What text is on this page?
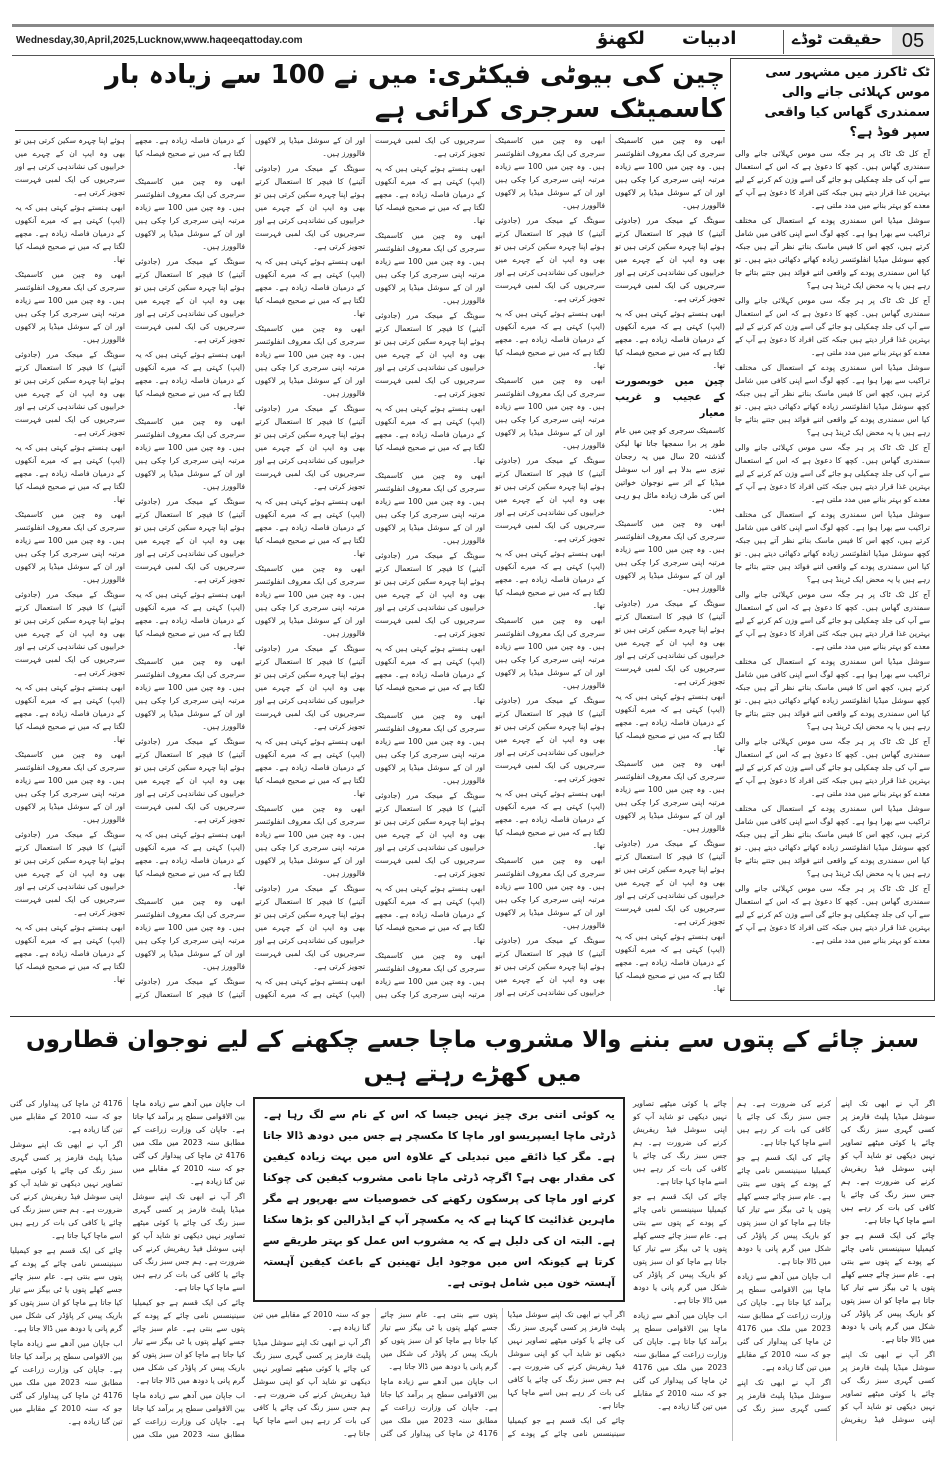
Wednesday,30,April,2025,Lucknow,www.haqeeqattoday.com	لکھنؤ ادبیات	حقیقت ٹوڈے 05
چین کی بیوٹی فیکٹری: میں نے 100 سے زیادہ بار کاسمیٹک سرجری کرائی ہے

ابھی وہ چین میں کاسمیٹک سرجری کی ایک معروف انفلوئنسر ہیں۔ وہ چین میں 100 سے زیادہ مرتبہ اپنی سرجری کرا چکی ہیں اور ان کے سوشل میڈیا پر لاکھوں فالوورز ہیں۔

سویٹگ کے میجک مرر (جادوئی آئینے) کا فیچر کا استعمال کرتے ہوئے اپنا چہرہ سکین کرتی ہیں تو بھی وہ ایپ ان کے چہرے میں خرابیوں کی نشاندہی کرتی ہے اور سرجریوں کی ایک لمبی فہرست تجویز کرتی ہے۔

ابھی ہنستے ہوئے کہتی ہیں کہ یہ (ایپ) کہتی ہے کہ میرے آنکھوں کے درمیان فاصلہ زیادہ ہے۔ مجھے لگتا ہے کہ میں نے صحیح فیصلہ کیا تھا۔

چین میں خوبصورت کے عجیب و غریب معیار

کاسمیٹک سرجری کو چین میں عام طور پر برا سمجھا جاتا تھا لیکن گذشتہ 20 سال میں یہ رجحان تیزی سے بدلا ہے اور اب سوشل میڈیا کے اثر سے نوجوان خواتین اس کی طرف زیادہ مائل ہو رہی ہیں۔

ابھی وہ چین میں کاسمیٹک سرجری کی ایک معروف انفلوئنسر ہیں۔ وہ چین میں 100 سے زیادہ مرتبہ اپنی سرجری کرا چکی ہیں اور ان کے سوشل میڈیا پر لاکھوں فالوورز ہیں۔

سویٹگ کے میجک مرر (جادوئی آئینے) کا فیچر کا استعمال کرتے ہوئے اپنا چہرہ سکین کرتی ہیں تو بھی وہ ایپ ان کے چہرے میں خرابیوں کی نشاندہی کرتی ہے اور سرجریوں کی ایک لمبی فہرست تجویز کرتی ہے۔

ابھی ہنستے ہوئے کہتی ہیں کہ یہ (ایپ) کہتی ہے کہ میرے آنکھوں کے درمیان فاصلہ زیادہ ہے۔ مجھے لگتا ہے کہ میں نے صحیح فیصلہ کیا تھا۔

ابھی وہ چین میں کاسمیٹک سرجری کی ایک معروف انفلوئنسر ہیں۔ وہ چین میں 100 سے زیادہ مرتبہ اپنی سرجری کرا چکی ہیں اور ان کے سوشل میڈیا پر لاکھوں فالوورز ہیں۔

سویٹگ کے میجک مرر (جادوئی آئینے) کا فیچر کا استعمال کرتے ہوئے اپنا چہرہ سکین کرتی ہیں تو بھی وہ ایپ ان کے چہرے میں خرابیوں کی نشاندہی کرتی ہے اور سرجریوں کی ایک لمبی فہرست تجویز کرتی ہے۔

ابھی ہنستے ہوئے کہتی ہیں کہ یہ (ایپ) کہتی ہے کہ میرے آنکھوں کے درمیان فاصلہ زیادہ ہے۔ مجھے لگتا ہے کہ میں نے صحیح فیصلہ کیا تھا۔

ابھی وہ چین میں کاسمیٹک سرجری کی ایک معروف انفلوئنسر ہیں۔ وہ چین میں 100 سے زیادہ مرتبہ اپنی سرجری کرا چکی ہیں اور ان کے سوشل میڈیا پر لاکھوں فالوورز ہیں۔

سویٹگ کے میجک مرر (جادوئی آئینے) کا فیچر کا استعمال کرتے ہوئے اپنا چہرہ سکین کرتی ہیں تو بھی وہ ایپ ان کے چہرے میں خرابیوں کی نشاندہی کرتی ہے اور سرجریوں کی ایک لمبی فہرست تجویز کرتی ہے۔

ابھی ہنستے ہوئے کہتی ہیں کہ یہ (ایپ) کہتی ہے کہ میرے آنکھوں کے درمیان فاصلہ زیادہ ہے۔ مجھے لگتا ہے کہ میں نے صحیح فیصلہ کیا تھا۔

ابھی وہ چین میں کاسمیٹک سرجری کی ایک معروف انفلوئنسر ہیں۔ وہ چین میں 100 سے زیادہ مرتبہ اپنی سرجری کرا چکی ہیں اور ان کے سوشل میڈیا پر لاکھوں فالوورز ہیں۔

سویٹگ کے میجک مرر (جادوئی آئینے) کا فیچر کا استعمال کرتے ہوئے اپنا چہرہ سکین کرتی ہیں تو بھی وہ ایپ ان کے چہرے میں خرابیوں کی نشاندہی کرتی ہے اور سرجریوں کی ایک لمبی فہرست تجویز کرتی ہے۔

ابھی ہنستے ہوئے کہتی ہیں کہ یہ (ایپ) کہتی ہے کہ میرے آنکھوں کے درمیان فاصلہ زیادہ ہے۔ مجھے لگتا ہے کہ میں نے صحیح فیصلہ کیا تھا۔

ابھی وہ چین میں کاسمیٹک سرجری کی ایک معروف انفلوئنسر ہیں۔ وہ چین میں 100 سے زیادہ مرتبہ اپنی سرجری کرا چکی ہیں اور ان کے سوشل میڈیا پر لاکھوں فالوورز ہیں۔

سویٹگ کے میجک مرر (جادوئی آئینے) کا فیچر کا استعمال کرتے ہوئے اپنا چہرہ سکین کرتی ہیں تو بھی وہ ایپ ان کے چہرے میں خرابیوں کی نشاندہی کرتی ہے اور سرجریوں کی ایک لمبی فہرست تجویز کرتی ہے۔

ابھی ہنستے ہوئے کہتی ہیں کہ یہ (ایپ) کہتی ہے کہ میرے آنکھوں کے درمیان فاصلہ زیادہ ہے۔ مجھے لگتا ہے کہ میں نے صحیح فیصلہ کیا تھا۔

ابھی وہ چین میں کاسمیٹک سرجری کی ایک معروف انفلوئنسر ہیں۔ وہ چین میں 100 سے زیادہ مرتبہ اپنی سرجری کرا چکی ہیں اور ان کے سوشل میڈیا پر لاکھوں فالوورز ہیں۔

سویٹگ کے میجک مرر (جادوئی آئینے) کا فیچر کا استعمال کرتے ہوئے اپنا چہرہ سکین کرتی ہیں تو بھی وہ ایپ ان کے چہرے میں خرابیوں کی نشاندہی کرتی ہے اور سرجریوں کی ایک لمبی فہرست تجویز کرتی ہے۔

ابھی ہنستے ہوئے کہتی ہیں کہ یہ (ایپ) کہتی ہے کہ میرے آنکھوں کے درمیان فاصلہ زیادہ ہے۔ مجھے لگتا ہے کہ میں نے صحیح فیصلہ کیا تھا۔

ابھی وہ چین میں کاسمیٹک سرجری کی ایک معروف انفلوئنسر ہیں۔ وہ چین میں 100 سے زیادہ مرتبہ اپنی سرجری کرا چکی ہیں اور ان کے سوشل میڈیا پر لاکھوں فالوورز ہیں۔

سویٹگ کے میجک مرر (جادوئی آئینے) کا فیچر کا استعمال کرتے ہوئے اپنا چہرہ سکین کرتی ہیں تو بھی وہ ایپ ان کے چہرے میں خرابیوں کی نشاندہی کرتی ہے اور سرجریوں کی ایک لمبی فہرست تجویز کرتی ہے۔

ابھی ہنستے ہوئے کہتی ہیں کہ یہ (ایپ) کہتی ہے کہ میرے آنکھوں کے درمیان فاصلہ زیادہ ہے۔ مجھے لگتا ہے کہ میں نے صحیح فیصلہ کیا تھا۔

ابھی وہ چین میں کاسمیٹک سرجری کی ایک معروف انفلوئنسر ہیں۔ وہ چین میں 100 سے زیادہ مرتبہ اپنی سرجری کرا چکی ہیں اور ان کے سوشل میڈیا پر لاکھوں فالوورز ہیں۔

سویٹگ کے میجک مرر (جادوئی آئینے) کا فیچر کا استعمال کرتے ہوئے اپنا چہرہ سکین کرتی ہیں تو بھی وہ ایپ ان کے چہرے میں خرابیوں کی نشاندہی کرتی ہے اور سرجریوں کی ایک لمبی فہرست تجویز کرتی ہے۔

ابھی ہنستے ہوئے کہتی ہیں کہ یہ (ایپ) کہتی ہے کہ میرے آنکھوں کے درمیان فاصلہ زیادہ ہے۔ مجھے لگتا ہے کہ میں نے صحیح فیصلہ کیا تھا۔

ابھی وہ چین میں کاسمیٹک سرجری کی ایک معروف انفلوئنسر ہیں۔ وہ چین میں 100 سے زیادہ مرتبہ اپنی سرجری کرا چکی ہیں اور ان کے سوشل میڈیا پر لاکھوں فالوورز ہیں۔

سویٹگ کے میجک مرر (جادوئی آئینے) کا فیچر کا استعمال کرتے ہوئے اپنا چہرہ سکین کرتی ہیں تو بھی وہ ایپ ان کے چہرے میں خرابیوں کی نشاندہی کرتی ہے اور سرجریوں کی ایک لمبی فہرست تجویز کرتی ہے۔

ابھی ہنستے ہوئے کہتی ہیں کہ یہ (ایپ) کہتی ہے کہ میرے آنکھوں کے درمیان فاصلہ زیادہ ہے۔ مجھے لگتا ہے کہ میں نے صحیح فیصلہ کیا تھا۔

ابھی وہ چین میں کاسمیٹک سرجری کی ایک معروف انفلوئنسر ہیں۔ وہ چین میں 100 سے زیادہ مرتبہ اپنی سرجری کرا چکی ہیں اور ان کے سوشل میڈیا پر لاکھوں فالوورز ہیں۔

سویٹگ کے میجک مرر (جادوئی آئینے) کا فیچر کا استعمال کرتے ہوئے اپنا چہرہ سکین کرتی ہیں تو بھی وہ ایپ ان کے چہرے میں خرابیوں کی نشاندہی کرتی ہے اور سرجریوں کی ایک لمبی فہرست تجویز کرتی ہے۔

ابھی ہنستے ہوئے کہتی ہیں کہ یہ (ایپ) کہتی ہے کہ میرے آنکھوں کے درمیان فاصلہ زیادہ ہے۔ مجھے لگتا ہے کہ میں نے صحیح فیصلہ کیا تھا۔

ابھی وہ چین میں کاسمیٹک سرجری کی ایک معروف انفلوئنسر ہیں۔ وہ چین میں 100 سے زیادہ مرتبہ اپنی سرجری کرا چکی ہیں اور ان کے سوشل میڈیا پر لاکھوں فالوورز ہیں۔

سویٹگ کے میجک مرر (جادوئی آئینے) کا فیچر کا استعمال کرتے ہوئے اپنا چہرہ سکین کرتی ہیں تو بھی وہ ایپ ان کے چہرے میں خرابیوں کی نشاندہی کرتی ہے اور سرجریوں کی ایک لمبی فہرست تجویز کرتی ہے۔

ابھی ہنستے ہوئے کہتی ہیں کہ یہ (ایپ) کہتی ہے کہ میرے آنکھوں کے درمیان فاصلہ زیادہ ہے۔ مجھے لگتا ہے کہ میں نے صحیح فیصلہ کیا تھا۔

ابھی وہ چین میں کاسمیٹک سرجری کی ایک معروف انفلوئنسر ہیں۔ وہ چین میں 100 سے زیادہ مرتبہ اپنی سرجری کرا چکی ہیں اور ان کے سوشل میڈیا پر لاکھوں فالوورز ہیں۔

سویٹگ کے میجک مرر (جادوئی آئینے) کا فیچر کا استعمال کرتے ہوئے اپنا چہرہ سکین کرتی ہیں تو بھی وہ ایپ ان کے چہرے میں خرابیوں کی نشاندہی کرتی ہے اور سرجریوں کی ایک لمبی فہرست تجویز کرتی ہے۔

ابھی ہنستے ہوئے کہتی ہیں کہ یہ (ایپ) کہتی ہے کہ میرے آنکھوں کے درمیان فاصلہ زیادہ ہے۔ مجھے لگتا ہے کہ میں نے صحیح فیصلہ کیا تھا۔

ابھی وہ چین میں کاسمیٹک سرجری کی ایک معروف انفلوئنسر ہیں۔ وہ چین میں 100 سے زیادہ مرتبہ اپنی سرجری کرا چکی ہیں اور ان کے سوشل میڈیا پر لاکھوں فالوورز ہیں۔

سویٹگ کے میجک مرر (جادوئی آئینے) کا فیچر کا استعمال کرتے ہوئے اپنا چہرہ سکین کرتی ہیں تو بھی وہ ایپ ان کے چہرے میں خرابیوں کی نشاندہی کرتی ہے اور سرجریوں کی ایک لمبی فہرست تجویز کرتی ہے۔

ابھی ہنستے ہوئے کہتی ہیں کہ یہ (ایپ) کہتی ہے کہ میرے آنکھوں کے درمیان فاصلہ زیادہ ہے۔ مجھے لگتا ہے کہ میں نے صحیح فیصلہ کیا تھا۔

ابھی وہ چین میں کاسمیٹک سرجری کی ایک معروف انفلوئنسر ہیں۔ وہ چین میں 100 سے زیادہ مرتبہ اپنی سرجری کرا چکی ہیں اور ان کے سوشل میڈیا پر لاکھوں فالوورز ہیں۔

سویٹگ کے میجک مرر (جادوئی آئینے) کا فیچر کا استعمال کرتے ہوئے اپنا چہرہ سکین کرتی ہیں تو بھی وہ ایپ ان کے چہرے میں خرابیوں کی نشاندہی کرتی ہے اور سرجریوں کی ایک لمبی فہرست تجویز کرتی ہے۔

ابھی ہنستے ہوئے کہتی ہیں کہ یہ (ایپ) کہتی ہے کہ میرے آنکھوں کے درمیان فاصلہ زیادہ ہے۔ مجھے لگتا ہے کہ میں نے صحیح فیصلہ کیا تھا۔

ابھی وہ چین میں کاسمیٹک سرجری کی ایک معروف انفلوئنسر ہیں۔ وہ چین میں 100 سے زیادہ مرتبہ اپنی سرجری کرا چکی ہیں اور ان کے سوشل میڈیا پر لاکھوں فالوورز ہیں۔

سویٹگ کے میجک مرر (جادوئی آئینے) کا فیچر کا استعمال کرتے ہوئے اپنا چہرہ سکین کرتی ہیں تو بھی وہ ایپ ان کے چہرے میں خرابیوں کی نشاندہی کرتی ہے اور سرجریوں کی ایک لمبی فہرست تجویز کرتی ہے۔

ابھی ہنستے ہوئے کہتی ہیں کہ یہ (ایپ) کہتی ہے کہ میرے آنکھوں کے درمیان فاصلہ زیادہ ہے۔ مجھے لگتا ہے کہ میں نے صحیح فیصلہ کیا تھا۔

ابھی وہ چین میں کاسمیٹک سرجری کی ایک معروف انفلوئنسر ہیں۔ وہ چین میں 100 سے زیادہ مرتبہ اپنی سرجری کرا چکی ہیں اور ان کے سوشل میڈیا پر لاکھوں فالوورز ہیں۔

سویٹگ کے میجک مرر (جادوئی آئینے) کا فیچر کا استعمال کرتے ہوئے اپنا چہرہ سکین کرتی ہیں تو بھی وہ ایپ ان کے چہرے میں خرابیوں کی نشاندہی کرتی ہے اور سرجریوں کی ایک لمبی فہرست تجویز کرتی ہے۔

ابھی ہنستے ہوئے کہتی ہیں کہ یہ (ایپ) کہتی ہے کہ میرے آنکھوں کے درمیان فاصلہ زیادہ ہے۔ مجھے لگتا ہے کہ میں نے صحیح فیصلہ کیا تھا۔

ابھی وہ چین میں کاسمیٹک سرجری کی ایک معروف انفلوئنسر ہیں۔ وہ چین میں 100 سے زیادہ مرتبہ اپنی سرجری کرا چکی ہیں اور ان کے سوشل میڈیا پر لاکھوں فالوورز ہیں۔

سویٹگ کے میجک مرر (جادوئی آئینے) کا فیچر کا استعمال کرتے ہوئے اپنا چہرہ سکین کرتی ہیں تو بھی وہ ایپ ان کے چہرے میں خرابیوں کی نشاندہی کرتی ہے اور سرجریوں کی ایک لمبی فہرست تجویز کرتی ہے۔

ابھی ہنستے ہوئے کہتی ہیں کہ یہ (ایپ) کہتی ہے کہ میرے آنکھوں کے درمیان فاصلہ زیادہ ہے۔ مجھے لگتا ہے کہ میں نے صحیح فیصلہ کیا تھا۔

ابھی وہ چین میں کاسمیٹک سرجری کی ایک معروف انفلوئنسر ہیں۔ وہ چین میں 100 سے زیادہ مرتبہ اپنی سرجری کرا چکی ہیں اور ان کے سوشل میڈیا پر لاکھوں فالوورز ہیں۔

سویٹگ کے میجک مرر (جادوئی آئینے) کا فیچر کا استعمال کرتے ہوئے اپنا چہرہ سکین کرتی ہیں تو بھی وہ ایپ ان کے چہرے میں خرابیوں کی نشاندہی کرتی ہے اور سرجریوں کی ایک لمبی فہرست تجویز کرتی ہے۔

ابھی ہنستے ہوئے کہتی ہیں کہ یہ (ایپ) کہتی ہے کہ میرے آنکھوں کے درمیان فاصلہ زیادہ ہے۔ مجھے لگتا ہے کہ میں نے صحیح فیصلہ کیا تھا۔

ابھی وہ چین میں کاسمیٹک سرجری کی ایک معروف انفلوئنسر ہیں۔ وہ چین میں 100 سے زیادہ مرتبہ اپنی سرجری کرا چکی ہیں اور ان کے سوشل میڈیا پر لاکھوں فالوورز ہیں۔

سویٹگ کے میجک مرر (جادوئی آئینے) کا فیچر کا استعمال کرتے ہوئے اپنا چہرہ سکین کرتی ہیں تو بھی وہ ایپ ان کے چہرے میں خرابیوں کی نشاندہی کرتی ہے اور سرجریوں کی ایک لمبی فہرست تجویز کرتی ہے۔

ابھی ہنستے ہوئے کہتی ہیں کہ یہ (ایپ) کہتی ہے کہ میرے آنکھوں کے درمیان فاصلہ زیادہ ہے۔ مجھے لگتا ہے کہ میں نے صحیح فیصلہ کیا تھا۔

ابھی وہ چین میں کاسمیٹک سرجری کی ایک معروف انفلوئنسر ہیں۔ وہ چین میں 100 سے زیادہ مرتبہ اپنی سرجری کرا چکی ہیں اور ان کے سوشل میڈیا پر لاکھوں فالوورز ہیں۔

سویٹگ کے میجک مرر (جادوئی آئینے) کا فیچر کا استعمال کرتے ہوئے اپنا چہرہ سکین کرتی ہیں تو بھی وہ ایپ ان کے چہرے میں خرابیوں کی نشاندہی کرتی ہے اور سرجریوں کی ایک لمبی فہرست تجویز کرتی ہے۔

ابھی ہنستے ہوئے کہتی ہیں کہ یہ (ایپ) کہتی ہے کہ میرے آنکھوں کے درمیان فاصلہ زیادہ ہے۔ مجھے لگتا ہے کہ میں نے صحیح فیصلہ کیا تھا۔

ٹک ٹاکرز میں مشہور سی موس کہلائی جانے والی سمندری گھاس کیا واقعی سپر فوڈ ہے؟

آج کل ٹک ٹاک پر ہر جگہ سی موس کہلائی جانے والی سمندری گھاس ہیں۔ کچھ کا دعویٰ ہے کہ اس کے استعمال سے آپ کی جلد چمکیلی ہو جائے گی اسے وزن کم کرنے کے لیے بہترین غذا قرار دیتے ہیں جبکہ کئی افراد کا دعویٰ ہے آپ کے معدے کو بہتر بنانے میں مدد ملتی ہے۔

سوشل میڈیا اس سمندری پودے کے استعمال کی مختلف تراکیب سے بھرا ہوا ہے۔ کچھ لوگ اسے اپنی کافی میں شامل کرتے ہیں، کچھ اس کا فیس ماسک بناتے نظر آتے ہیں جبکہ کچھ سوشل میڈیا انفلوئنسر زیادہ کھاتے دکھائی دیتے ہیں۔ تو کیا اس سمندری پودے کے واقعی اتنے فوائد ہیں جتنے بتائے جا رہے ہیں یا یہ محض ایک ٹرینڈ ہی ہے؟

آج کل ٹک ٹاک پر ہر جگہ سی موس کہلائی جانے والی سمندری گھاس ہیں۔ کچھ کا دعویٰ ہے کہ اس کے استعمال سے آپ کی جلد چمکیلی ہو جائے گی اسے وزن کم کرنے کے لیے بہترین غذا قرار دیتے ہیں جبکہ کئی افراد کا دعویٰ ہے آپ کے معدے کو بہتر بنانے میں مدد ملتی ہے۔

سوشل میڈیا اس سمندری پودے کے استعمال کی مختلف تراکیب سے بھرا ہوا ہے۔ کچھ لوگ اسے اپنی کافی میں شامل کرتے ہیں، کچھ اس کا فیس ماسک بناتے نظر آتے ہیں جبکہ کچھ سوشل میڈیا انفلوئنسر زیادہ کھاتے دکھائی دیتے ہیں۔ تو کیا اس سمندری پودے کے واقعی اتنے فوائد ہیں جتنے بتائے جا رہے ہیں یا یہ محض ایک ٹرینڈ ہی ہے؟

آج کل ٹک ٹاک پر ہر جگہ سی موس کہلائی جانے والی سمندری گھاس ہیں۔ کچھ کا دعویٰ ہے کہ اس کے استعمال سے آپ کی جلد چمکیلی ہو جائے گی اسے وزن کم کرنے کے لیے بہترین غذا قرار دیتے ہیں جبکہ کئی افراد کا دعویٰ ہے آپ کے معدے کو بہتر بنانے میں مدد ملتی ہے۔

سوشل میڈیا اس سمندری پودے کے استعمال کی مختلف تراکیب سے بھرا ہوا ہے۔ کچھ لوگ اسے اپنی کافی میں شامل کرتے ہیں، کچھ اس کا فیس ماسک بناتے نظر آتے ہیں جبکہ کچھ سوشل میڈیا انفلوئنسر زیادہ کھاتے دکھائی دیتے ہیں۔ تو کیا اس سمندری پودے کے واقعی اتنے فوائد ہیں جتنے بتائے جا رہے ہیں یا یہ محض ایک ٹرینڈ ہی ہے؟

آج کل ٹک ٹاک پر ہر جگہ سی موس کہلائی جانے والی سمندری گھاس ہیں۔ کچھ کا دعویٰ ہے کہ اس کے استعمال سے آپ کی جلد چمکیلی ہو جائے گی اسے وزن کم کرنے کے لیے بہترین غذا قرار دیتے ہیں جبکہ کئی افراد کا دعویٰ ہے آپ کے معدے کو بہتر بنانے میں مدد ملتی ہے۔

سوشل میڈیا اس سمندری پودے کے استعمال کی مختلف تراکیب سے بھرا ہوا ہے۔ کچھ لوگ اسے اپنی کافی میں شامل کرتے ہیں، کچھ اس کا فیس ماسک بناتے نظر آتے ہیں جبکہ کچھ سوشل میڈیا انفلوئنسر زیادہ کھاتے دکھائی دیتے ہیں۔ تو کیا اس سمندری پودے کے واقعی اتنے فوائد ہیں جتنے بتائے جا رہے ہیں یا یہ محض ایک ٹرینڈ ہی ہے؟

آج کل ٹک ٹاک پر ہر جگہ سی موس کہلائی جانے والی سمندری گھاس ہیں۔ کچھ کا دعویٰ ہے کہ اس کے استعمال سے آپ کی جلد چمکیلی ہو جائے گی اسے وزن کم کرنے کے لیے بہترین غذا قرار دیتے ہیں جبکہ کئی افراد کا دعویٰ ہے آپ کے معدے کو بہتر بنانے میں مدد ملتی ہے۔

سوشل میڈیا اس سمندری پودے کے استعمال کی مختلف تراکیب سے بھرا ہوا ہے۔ کچھ لوگ اسے اپنی کافی میں شامل کرتے ہیں، کچھ اس کا فیس ماسک بناتے نظر آتے ہیں جبکہ کچھ سوشل میڈیا انفلوئنسر زیادہ کھاتے دکھائی دیتے ہیں۔ تو کیا اس سمندری پودے کے واقعی اتنے فوائد ہیں جتنے بتائے جا رہے ہیں یا یہ محض ایک ٹرینڈ ہی ہے؟

آج کل ٹک ٹاک پر ہر جگہ سی موس کہلائی جانے والی سمندری گھاس ہیں۔ کچھ کا دعویٰ ہے کہ اس کے استعمال سے آپ کی جلد چمکیلی ہو جائے گی اسے وزن کم کرنے کے لیے بہترین غذا قرار دیتے ہیں جبکہ کئی افراد کا دعویٰ ہے آپ کے معدے کو بہتر بنانے میں مدد ملتی ہے۔

سبز چائے کے پتوں سے بننے والا مشروب ماچا جسے چکھنے کے لیے نوجوان قطاروں میں کھڑے رہتے ہیں

اب جاپان میں آدھے سے زیادہ ماچا بین الاقوامی سطح پر برآمد کیا جاتا ہے۔ جاپان کی وزارت زراعت کے مطابق سنہ 2023 میں ملک میں 4176 ٹن ماچا کی پیداوار کی گئی جو کہ سنہ 2010 کے مقابلے میں تین گنا زیادہ ہے۔

اگر آپ نے ابھی تک اپنے سوشل میڈیا پلیٹ فارمز پر کسی گہری سبز رنگ کی چائے یا کوئی میٹھے تصاویر نہیں دیکھی تو شاید آپ کو اپنی سوشل فیڈ ریفریش کرنے کی ضرورت ہے۔ ہم جس سبز رنگ کی چائے یا کافی کی بات کر رہے ہیں اسے ماچا کہا جاتا ہے۔

چائے کی ایک قسم ہے جو کیمیلیا سینینسس نامی چائے کے پودے کے پتوں سے بنتی ہے۔ عام سبز چائے جسے کھلے پتوں یا ٹی بیگز سے تیار کیا جاتا ہے ماچا کو ان سبز پتوں کو باریک پیس کر پاؤڈر کی شکل میں گرم پانی یا دودھ میں ڈالا جاتا ہے۔

اب جاپان میں آدھے سے زیادہ ماچا بین الاقوامی سطح پر برآمد کیا جاتا ہے۔ جاپان کی وزارت زراعت کے مطابق سنہ 2023 میں ملک میں 4176 ٹن ماچا کی پیداوار کی گئی جو کہ سنہ 2010 کے مقابلے میں تین گنا زیادہ ہے۔

اگر آپ نے ابھی تک اپنے سوشل میڈیا پلیٹ فارمز پر کسی گہری سبز رنگ کی چائے یا کوئی میٹھے تصاویر نہیں دیکھی تو شاید آپ کو اپنی سوشل فیڈ ریفریش کرنے کی ضرورت ہے۔ ہم جس سبز رنگ کی چائے یا کافی کی بات کر رہے ہیں اسے ماچا کہا جاتا ہے۔

چائے کی ایک قسم ہے جو کیمیلیا سینینسس نامی چائے کے پودے کے پتوں سے بنتی ہے۔ عام سبز چائے جسے کھلے پتوں یا ٹی بیگز سے تیار کیا جاتا ہے ماچا کو ان سبز پتوں کو باریک پیس کر پاؤڈر کی شکل میں گرم پانی یا دودھ میں ڈالا جاتا ہے۔

اب جاپان میں آدھے سے زیادہ ماچا بین الاقوامی سطح پر برآمد کیا جاتا ہے۔ جاپان کی وزارت زراعت کے مطابق سنہ 2023 میں ملک میں 4176 ٹن ماچا کی پیداوار کی گئی جو کہ سنہ 2010 کے مقابلے میں تین گنا زیادہ ہے۔

یہ کوئی اتنی بری چیز نہیں جیسا کہ اس کے نام سے لگ رہا ہے۔ ڈرٹی ماچا ایسپریسو اور ماچا کا مکسچر ہے جس میں دودھ ڈالا جاتا ہے۔ مگر کیا ذائقے میں تبدیلی کے علاوہ اس میں بہت زیادہ کیفین کی مقدار بھی ہے؟ اگرچہ ڈرٹی ماچا نامی مشروب کیفین کی چوکنا کرنے اور ماچا کی پرسکون رکھنے کی خصوصیات سے بھرپور ہے مگر ماہرین غذائیت کا کہنا ہے کہ یہ مکسچر آپ کے ایڈرالین کو بڑھا سکتا ہے۔ البتہ ان کی دلیل ہے کہ یہ مشروب اس عمل کو بہتر طریقے سے کرتا ہے کیونکہ اس میں موجود ایل تھینین کے باعث کیفین آہستہ آہستہ خون میں شامل ہوتی ہے۔

اگر آپ نے ابھی تک اپنے سوشل میڈیا پلیٹ فارمز پر کسی گہری سبز رنگ کی چائے یا کوئی میٹھے تصاویر نہیں دیکھی تو شاید آپ کو اپنی سوشل فیڈ ریفریش کرنے کی ضرورت ہے۔ ہم جس سبز رنگ کی چائے یا کافی کی بات کر رہے ہیں اسے ماچا کہا جاتا ہے۔

چائے کی ایک قسم ہے جو کیمیلیا سینینسس نامی چائے کے پودے کے پتوں سے بنتی ہے۔ عام سبز چائے جسے کھلے پتوں یا ٹی بیگز سے تیار کیا جاتا ہے ماچا کو ان سبز پتوں کو باریک پیس کر پاؤڈر کی شکل میں گرم پانی یا دودھ میں ڈالا جاتا ہے۔

اب جاپان میں آدھے سے زیادہ ماچا بین الاقوامی سطح پر برآمد کیا جاتا ہے۔ جاپان کی وزارت زراعت کے مطابق سنہ 2023 میں ملک میں 4176 ٹن ماچا کی پیداوار کی گئی جو کہ سنہ 2010 کے مقابلے میں تین گنا زیادہ ہے۔

اگر آپ نے ابھی تک اپنے سوشل میڈیا پلیٹ فارمز پر کسی گہری سبز رنگ کی چائے یا کوئی میٹھے تصاویر نہیں دیکھی تو شاید آپ کو اپنی سوشل فیڈ ریفریش کرنے کی ضرورت ہے۔ ہم جس سبز رنگ کی چائے یا کافی کی بات کر رہے ہیں اسے ماچا کہا جاتا ہے۔

اگر آپ نے ابھی تک اپنے سوشل میڈیا پلیٹ فارمز پر کسی گہری سبز رنگ کی چائے یا کوئی میٹھے تصاویر نہیں دیکھی تو شاید آپ کو اپنی سوشل فیڈ ریفریش کرنے کی ضرورت ہے۔ ہم جس سبز رنگ کی چائے یا کافی کی بات کر رہے ہیں اسے ماچا کہا جاتا ہے۔

چائے کی ایک قسم ہے جو کیمیلیا سینینسس نامی چائے کے پودے کے پتوں سے بنتی ہے۔ عام سبز چائے جسے کھلے پتوں یا ٹی بیگز سے تیار کیا جاتا ہے ماچا کو ان سبز پتوں کو باریک پیس کر پاؤڈر کی شکل میں گرم پانی یا دودھ میں ڈالا جاتا ہے۔

اگر آپ نے ابھی تک اپنے سوشل میڈیا پلیٹ فارمز پر کسی گہری سبز رنگ کی چائے یا کوئی میٹھے تصاویر نہیں دیکھی تو شاید آپ کو اپنی سوشل فیڈ ریفریش کرنے کی ضرورت ہے۔ ہم جس سبز رنگ کی چائے یا کافی کی بات کر رہے ہیں اسے ماچا کہا جاتا ہے۔

چائے کی ایک قسم ہے جو کیمیلیا سینینسس نامی چائے کے پودے کے پتوں سے بنتی ہے۔ عام سبز چائے جسے کھلے پتوں یا ٹی بیگز سے تیار کیا جاتا ہے ماچا کو ان سبز پتوں کو باریک پیس کر پاؤڈر کی شکل میں گرم پانی یا دودھ میں ڈالا جاتا ہے۔

اب جاپان میں آدھے سے زیادہ ماچا بین الاقوامی سطح پر برآمد کیا جاتا ہے۔ جاپان کی وزارت زراعت کے مطابق سنہ 2023 میں ملک میں 4176 ٹن ماچا کی پیداوار کی گئی جو کہ سنہ 2010 کے مقابلے میں تین گنا زیادہ ہے۔

اگر آپ نے ابھی تک اپنے سوشل میڈیا پلیٹ فارمز پر کسی گہری سبز رنگ کی چائے یا کوئی میٹھے تصاویر نہیں دیکھی تو شاید آپ کو اپنی سوشل فیڈ ریفریش کرنے کی ضرورت ہے۔ ہم جس سبز رنگ کی چائے یا کافی کی بات کر رہے ہیں اسے ماچا کہا جاتا ہے۔

چائے کی ایک قسم ہے جو کیمیلیا سینینسس نامی چائے کے پودے کے پتوں سے بنتی ہے۔ عام سبز چائے جسے کھلے پتوں یا ٹی بیگز سے تیار کیا جاتا ہے ماچا کو ان سبز پتوں کو باریک پیس کر پاؤڈر کی شکل میں گرم پانی یا دودھ میں ڈالا جاتا ہے۔

اب جاپان میں آدھے سے زیادہ ماچا بین الاقوامی سطح پر برآمد کیا جاتا ہے۔ جاپان کی وزارت زراعت کے مطابق سنہ 2023 میں ملک میں 4176 ٹن ماچا کی پیداوار کی گئی جو کہ سنہ 2010 کے مقابلے میں تین گنا زیادہ ہے۔
